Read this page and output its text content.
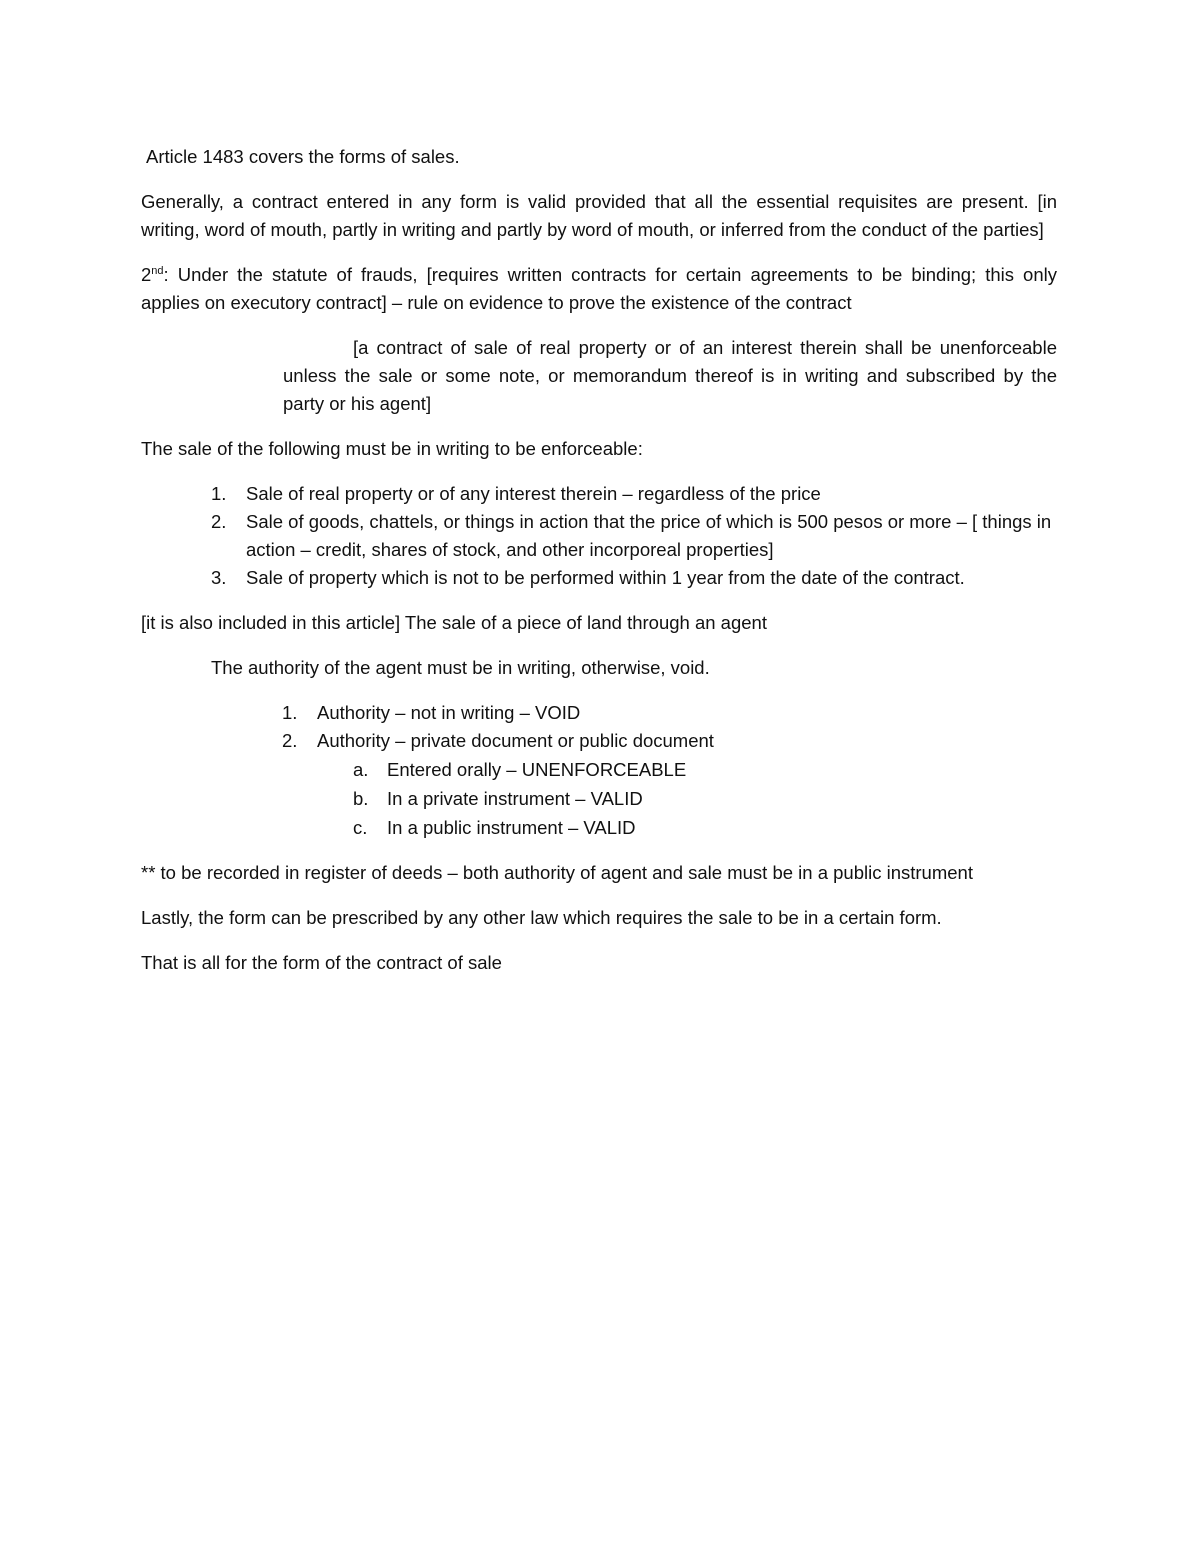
Article 1483 covers the forms of sales.

Generally, a contract entered in any form is valid provided that all the essential requisites are present. [in writing, word of mouth, partly in writing and partly by word of mouth, or inferred from the conduct of the parties]

2nd: Under the statute of frauds, [requires written contracts for certain agreements to be binding; this only applies on executory contract] – rule on evidence to prove the existence of the contract

[a contract of sale of real property or of an interest therein shall be unenforceable unless the sale or some note, or memorandum thereof is in writing and subscribed by the party or his agent]

The sale of the following must be in writing to be enforceable:

1. Sale of real property or of any interest therein – regardless of the price
2. Sale of goods, chattels, or things in action that the price of which is 500 pesos or more – [ things in action – credit, shares of stock, and other incorporeal properties]
3. Sale of property which is not to be performed within 1 year from the date of the contract.

[it is also included in this article] The sale of a piece of land through an agent

The authority of the agent must be in writing, otherwise, void.

1. Authority – not in writing – VOID
2. Authority – private document or public document
a. Entered orally – UNENFORCEABLE
b. In a private instrument – VALID
c. In a public instrument – VALID

** to be recorded in register of deeds – both authority of agent and sale must be in a public instrument

Lastly, the form can be prescribed by any other law which requires the sale to be in a certain form.

That is all for the form of the contract of sale
